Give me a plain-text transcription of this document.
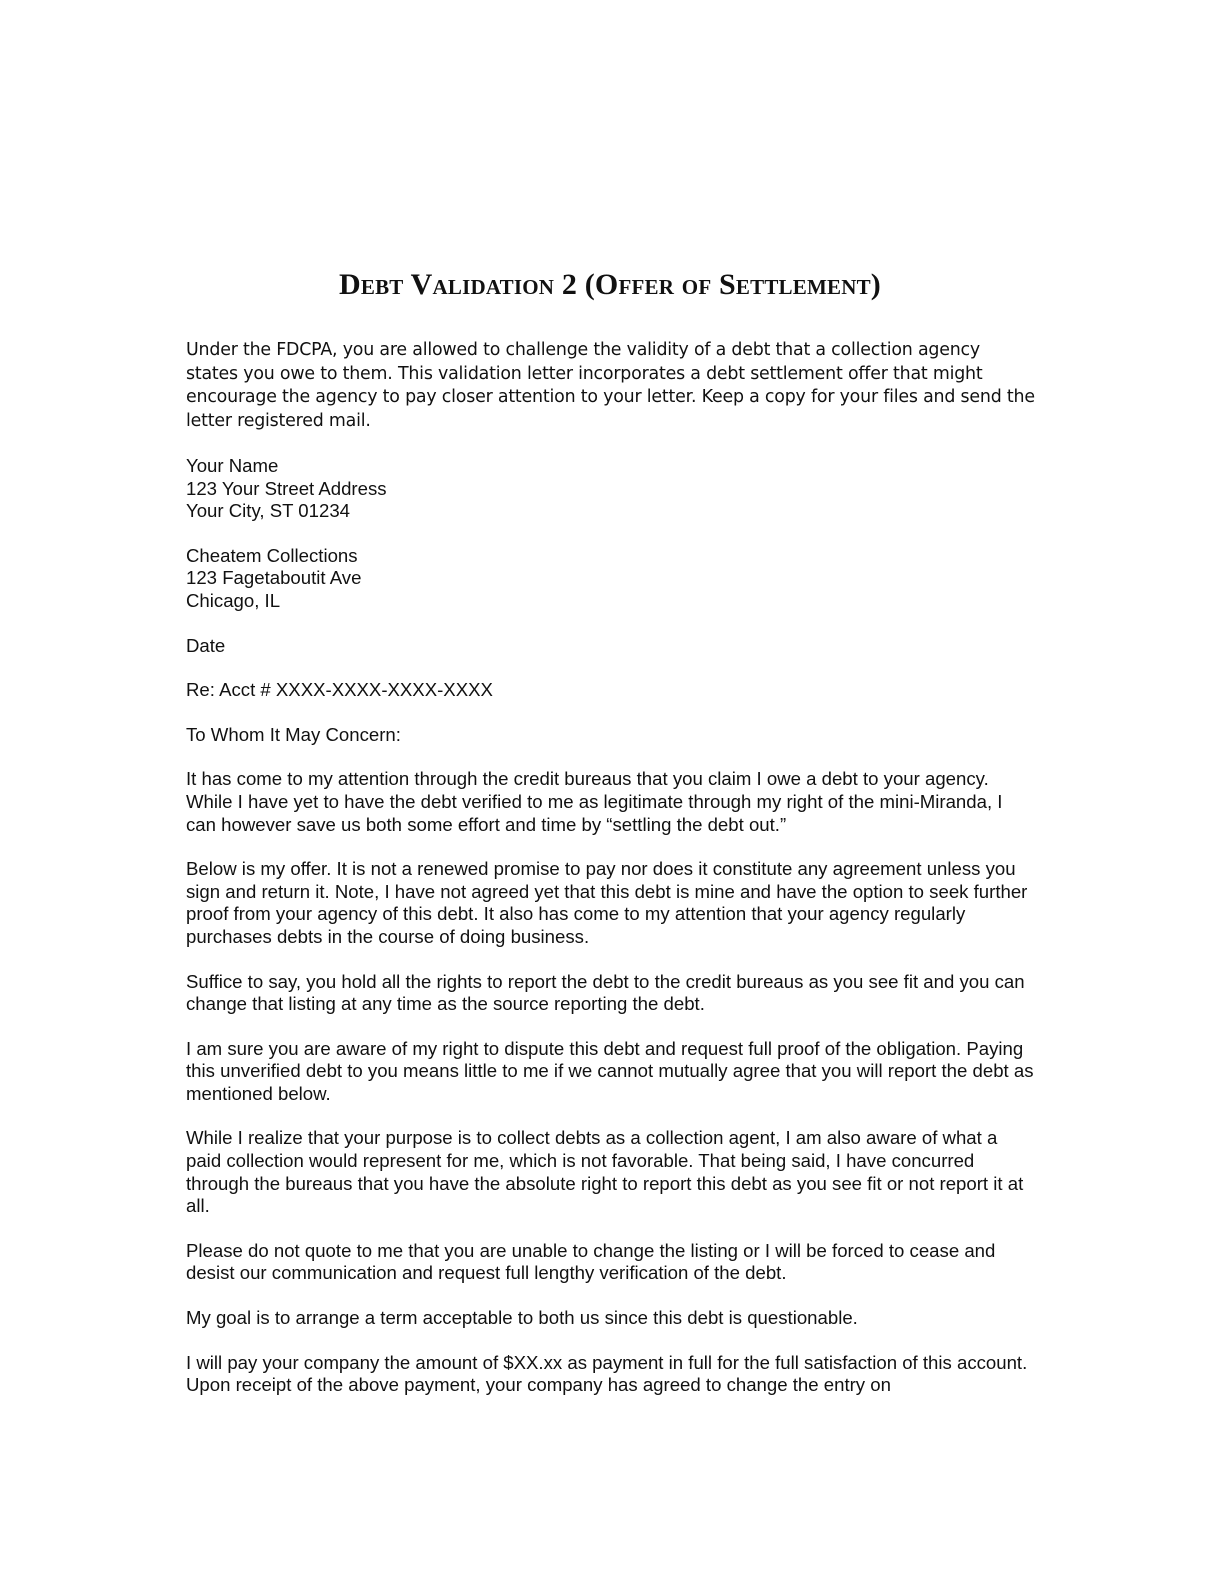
Debt Validation 2 (Offer of Settlement)

Under the FDCPA, you are allowed to challenge the validity of a debt that a collection agency states you owe to them. This validation letter incorporates a debt settlement offer that might encourage the agency to pay closer attention to your letter. Keep a copy for your files and send the letter registered mail.

Your Name
123 Your Street Address
Your City, ST 01234
Cheatem Collections
123 Fagetaboutit Ave
Chicago, IL

Date

Re: Acct # XXXX-XXXX-XXXX-XXXX

To Whom It May Concern:

It has come to my attention through the credit bureaus that you claim I owe a debt to your agency. While I have yet to have the debt verified to me as legitimate through my right of the mini-Miranda, I can however save us both some effort and time by “settling the debt out.”

Below is my offer. It is not a renewed promise to pay nor does it constitute any agreement unless you sign and return it. Note, I have not agreed yet that this debt is mine and have the option to seek further proof from your agency of this debt. It also has come to my attention that your agency regularly purchases debts in the course of doing business.

Suffice to say, you hold all the rights to report the debt to the credit bureaus as you see fit and you can change that listing at any time as the source reporting the debt.

I am sure you are aware of my right to dispute this debt and request full proof of the obligation. Paying this unverified debt to you means little to me if we cannot mutually agree that you will report the debt as mentioned below.

While I realize that your purpose is to collect debts as a collection agent, I am also aware of what a paid collection would represent for me, which is not favorable. That being said, I have concurred through the bureaus that you have the absolute right to report this debt as you see fit or not report it at all.

Please do not quote to me that you are unable to change the listing or I will be forced to cease and desist our communication and request full lengthy verification of the debt.

My goal is to arrange a term acceptable to both us since this debt is questionable.

I will pay your company the amount of $XX.xx as payment in full for the full satisfaction of this account. Upon receipt of the above payment, your company has agreed to change the entry on
